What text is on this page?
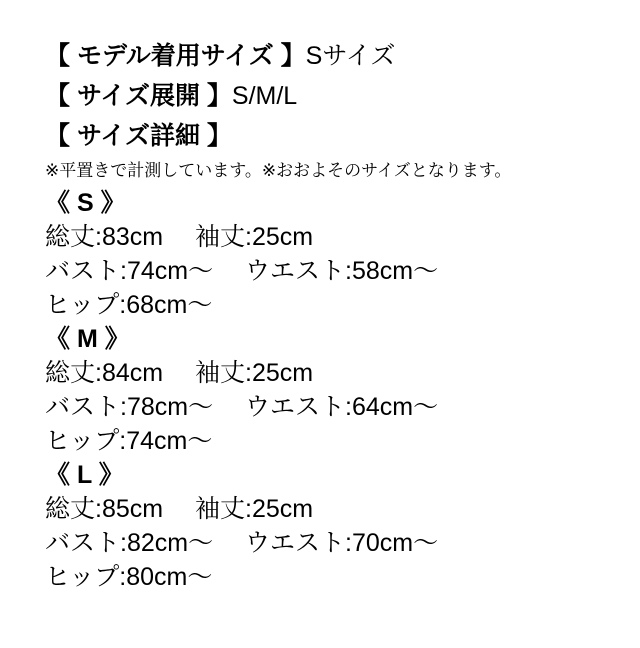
【 モデル着用サイズ 】Sサイズ
【 サイズ展開 】S/M/L
【 サイズ詳細 】
※平置きで計測しています。※おおよそのサイズとなります。
《 S 》
総丈:83cm　 袖丈:25cm
バスト:74cm〜　 ウエスト:58cm〜
ヒップ:68cm〜
《 M 》
総丈:84cm　 袖丈:25cm
バスト:78cm〜　 ウエスト:64cm〜
ヒップ:74cm〜
《 L 》
総丈:85cm　 袖丈:25cm
バスト:82cm〜　 ウエスト:70cm〜
ヒップ:80cm〜
